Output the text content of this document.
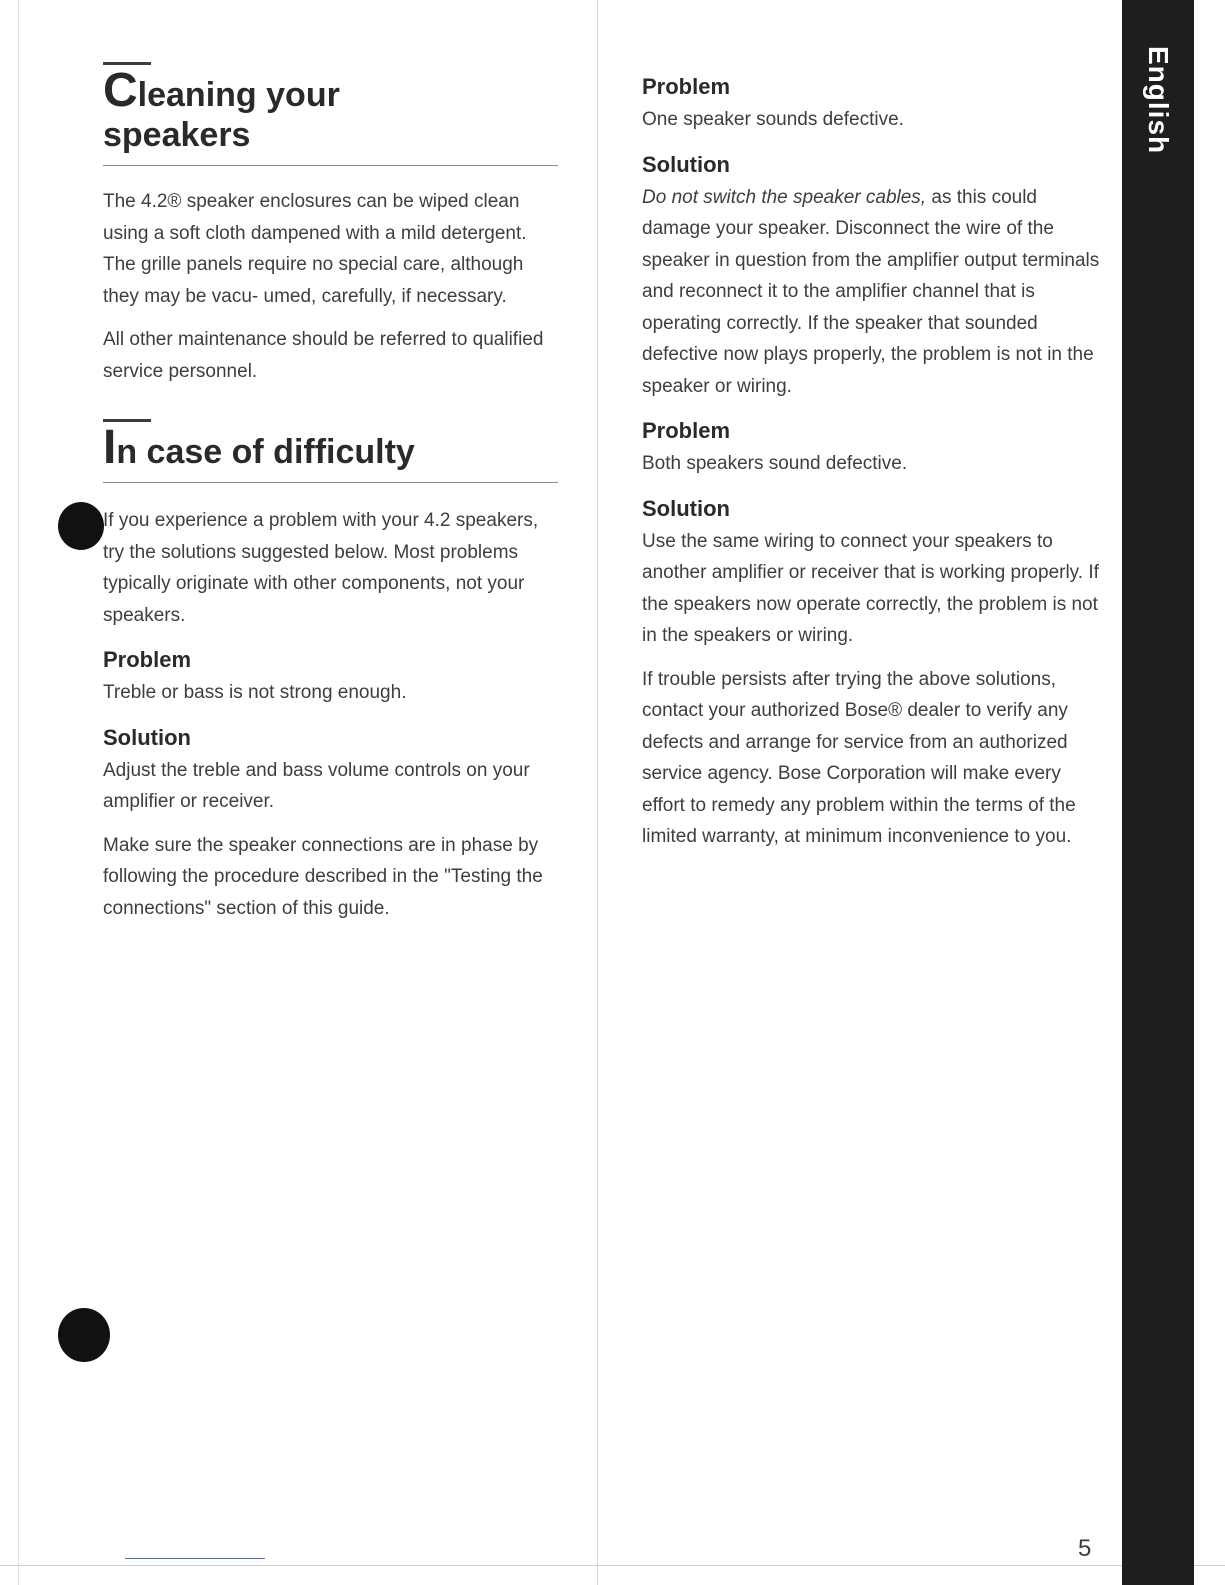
English
Cleaning your
speakers

The 4.2® speaker enclosures can be wiped clean using a soft cloth dampened with a mild detergent. The grille panels require no special care, although they may be vacu- umed, carefully, if necessary.

All other maintenance should be referred to qualified service personnel.

In case of difficulty

If you experience a problem with your 4.2 speakers, try the solutions suggested below. Most problems typically originate with other components, not your speakers.

Problem

Treble or bass is not strong enough.

Solution

Adjust the treble and bass volume controls on your amplifier or receiver.

Make sure the speaker connections are in phase by following the procedure described in the "Testing the connections" section of this guide.

Problem

One speaker sounds defective.

Solution

Do not switch the speaker cables, as this could damage your speaker. Disconnect the wire of the speaker in question from the amplifier output terminals and reconnect it to the amplifier channel that is operating correctly. If the speaker that sounded defective now plays properly, the problem is not in the speaker or wiring.

Problem

Both speakers sound defective.

Solution

Use the same wiring to connect your speakers to another amplifier or receiver that is working properly. If the speakers now operate correctly, the problem is not in the speakers or wiring.

If trouble persists after trying the above solutions, contact your authorized Bose® dealer to verify any defects and arrange for service from an authorized service agency. Bose Corporation will make every effort to remedy any problem within the terms of the limited warranty, at minimum inconvenience to you.

5
